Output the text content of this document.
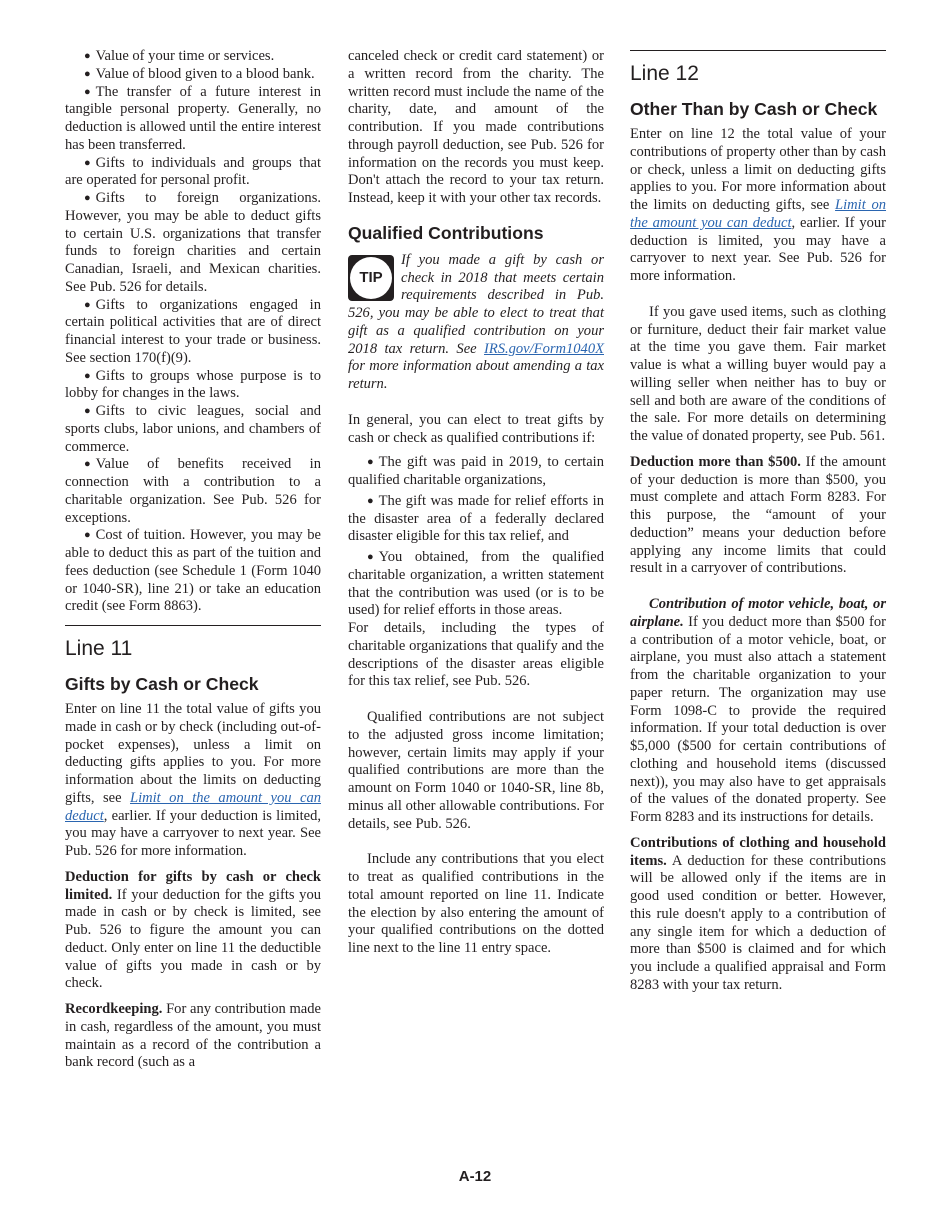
● Value of your time or services.

● Value of blood given to a blood bank.

● The transfer of a future interest in tangible personal property. Generally, no deduction is allowed until the entire interest has been transferred.

● Gifts to individuals and groups that are operated for personal profit.

● Gifts to foreign organizations. However, you may be able to deduct gifts to certain U.S. organizations that transfer funds to foreign charities and certain Canadian, Israeli, and Mexican charities. See Pub. 526 for details.

● Gifts to organizations engaged in certain political activities that are of direct financial interest to your trade or business. See section 170(f)(9).

● Gifts to groups whose purpose is to lobby for changes in the laws.

● Gifts to civic leagues, social and sports clubs, labor unions, and chambers of commerce.

● Value of benefits received in connection with a contribution to a charitable organization. See Pub. 526 for exceptions.

● Cost of tuition. However, you may be able to deduct this as part of the tuition and fees deduction (see Schedule 1 (Form 1040 or 1040-SR), line 21) or take an education credit (see Form 8863).

Line 11
Gifts by Cash or Check

Enter on line 11 the total value of gifts you made in cash or by check (including out-of-pocket expenses), unless a limit on deducting gifts applies to you. For more information about the limits on deducting gifts, see Limit on the amount you can deduct, earlier. If your deduction is limited, you may have a carryover to next year. See Pub. 526 for more information.

Deduction for gifts by cash or check limited. If your deduction for the gifts you made in cash or by check is limited, see Pub. 526 to figure the amount you can deduct. Only enter on line 11 the deductible value of gifts you made in cash or by check.

Recordkeeping. For any contribution made in cash, regardless of the amount, you must maintain as a record of the contribution a bank record (such as a

canceled check or credit card statement) or a written record from the charity. The written record must include the name of the charity, date, and amount of the contribution. If you made contributions through payroll deduction, see Pub. 526 for information on the records you must keep. Don't attach the record to your tax return. Instead, keep it with your other tax records.

Qualified Contributions
TIP

If you made a gift by cash or check in 2018 that meets certain requirements described in Pub. 526, you may be able to elect to treat that gift as a qualified contribution on your 2018 tax return. See IRS.gov/Form1040X for more information about amending a tax return.

In general, you can elect to treat gifts by cash or check as qualified contributions if:

● The gift was paid in 2019, to certain qualified charitable organizations,

● The gift was made for relief efforts in the disaster area of a federally declared disaster eligible for this tax relief, and

● You obtained, from the qualified charitable organization, a written statement that the contribution was used (or is to be used) for relief efforts in those areas.

For details, including the types of charitable organizations that qualify and the descriptions of the disaster areas eligible for this tax relief, see Pub. 526.

Qualified contributions are not subject to the adjusted gross income limitation; however, certain limits may apply if your qualified contributions are more than the amount on Form 1040 or 1040-SR, line 8b, minus all other allowable contributions. For details, see Pub. 526.

Include any contributions that you elect to treat as qualified contributions in the total amount reported on line 11. Indicate the election by also entering the amount of your qualified contributions on the dotted line next to the line 11 entry space.

Line 12
Other Than by Cash or Check

Enter on line 12 the total value of your contributions of property other than by cash or check, unless a limit on deducting gifts applies to you. For more information about the limits on deducting gifts, see Limit on the amount you can deduct, earlier. If your deduction is limited, you may have a carryover to next year. See Pub. 526 for more information.

If you gave used items, such as clothing or furniture, deduct their fair market value at the time you gave them. Fair market value is what a willing buyer would pay a willing seller when neither has to buy or sell and both are aware of the conditions of the sale. For more details on determining the value of donated property, see Pub. 561.

Deduction more than $500. If the amount of your deduction is more than $500, you must complete and attach Form 8283. For this purpose, the “amount of your deduction” means your deduction before applying any income limits that could result in a carryover of contributions.

Contribution of motor vehicle, boat, or airplane. If you deduct more than $500 for a contribution of a motor vehicle, boat, or airplane, you must also attach a statement from the charitable organization to your paper return. The organization may use Form 1098-C to provide the required information. If your total deduction is over $5,000 ($500 for certain contributions of clothing and household items (discussed next)), you may also have to get appraisals of the values of the donated property. See Form 8283 and its instructions for details.

Contributions of clothing and household items. A deduction for these contributions will be allowed only if the items are in good used condition or better. However, this rule doesn't apply to a contribution of any single item for which a deduction of more than $500 is claimed and for which you include a qualified appraisal and Form 8283 with your tax return.

A-12
